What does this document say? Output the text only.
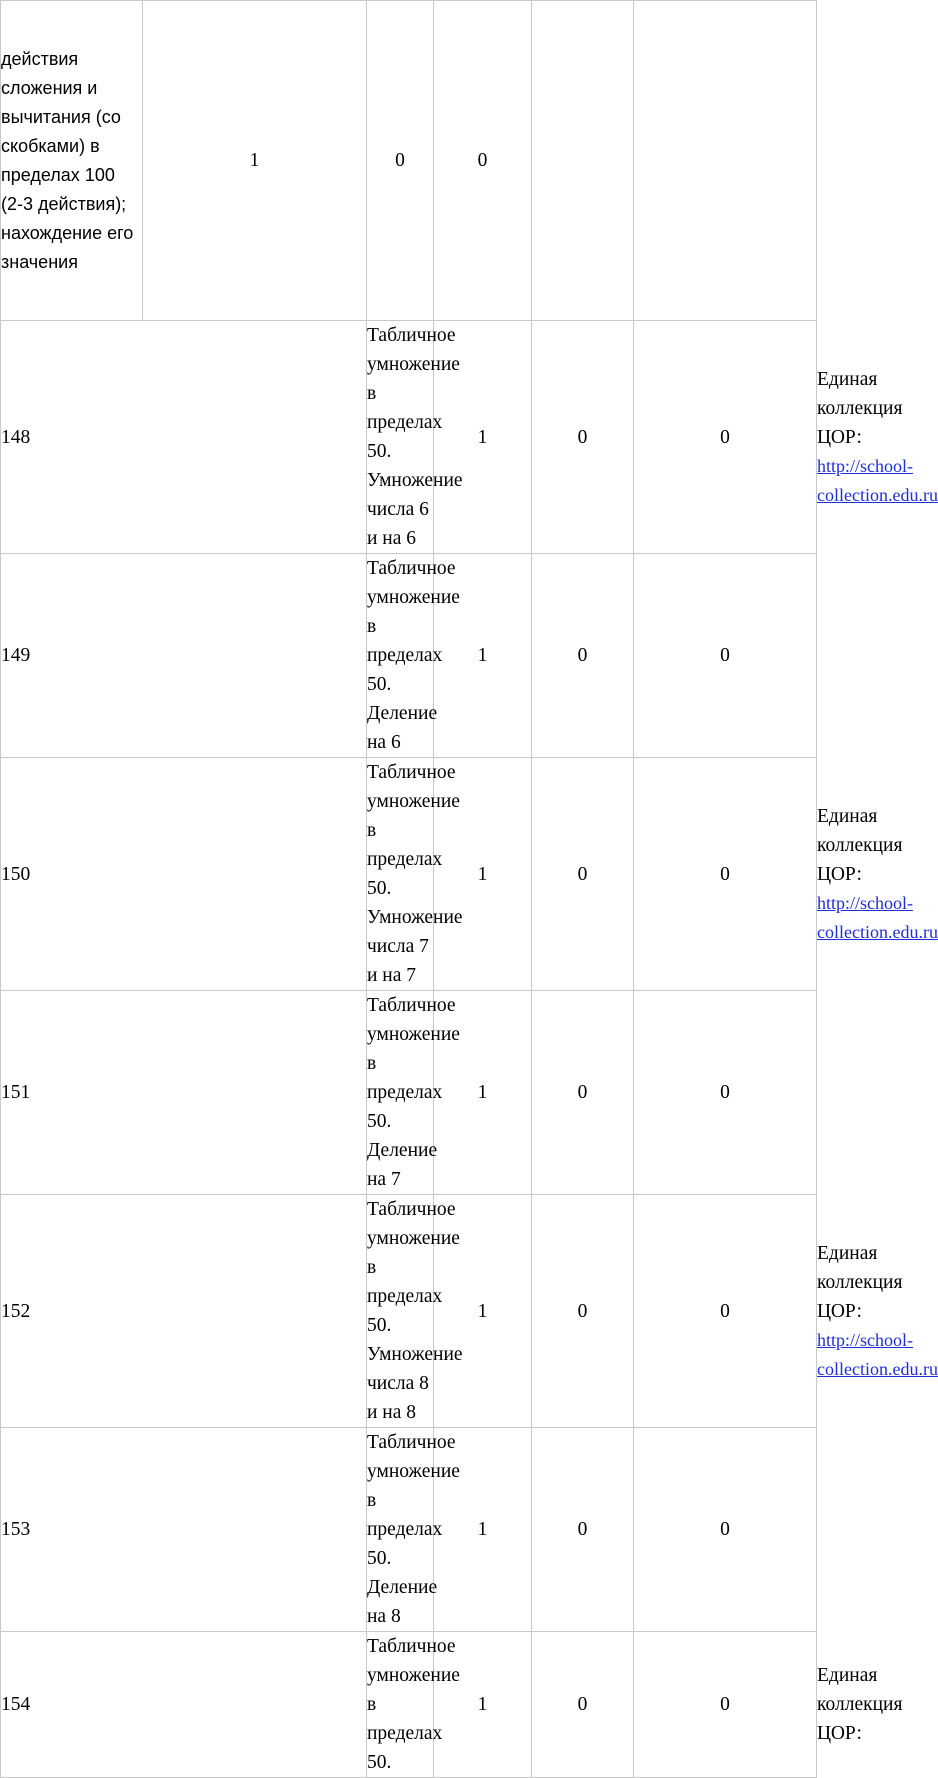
действия сложения и вычитания (со скобками) в пределах 100 (2-3 действия); нахождение его значения	1	0	0			
148		Табличное умножение в пределах 50. Умножение числа 6 и на 6	1	0	0	Единая коллекция ЦОР:
http://school-collection.edu.ru
149		Табличное умножение в пределах 50. Деление на 6	1	0	0	
150		Табличное умножение в пределах 50. Умножение числа 7 и на 7	1	0	0	Единая коллекция ЦОР:
http://school-collection.edu.ru
151		Табличное умножение в пределах 50. Деление на 7	1	0	0	
152		Табличное умножение в пределах 50. Умножение числа 8 и на 8	1	0	0	Единая коллекция ЦОР:
http://school-collection.edu.ru
153		Табличное умножение в пределах 50. Деление на 8	1	0	0	
154		Табличное умножение в пределах 50.	1	0	0	Единая коллекция ЦОР:
